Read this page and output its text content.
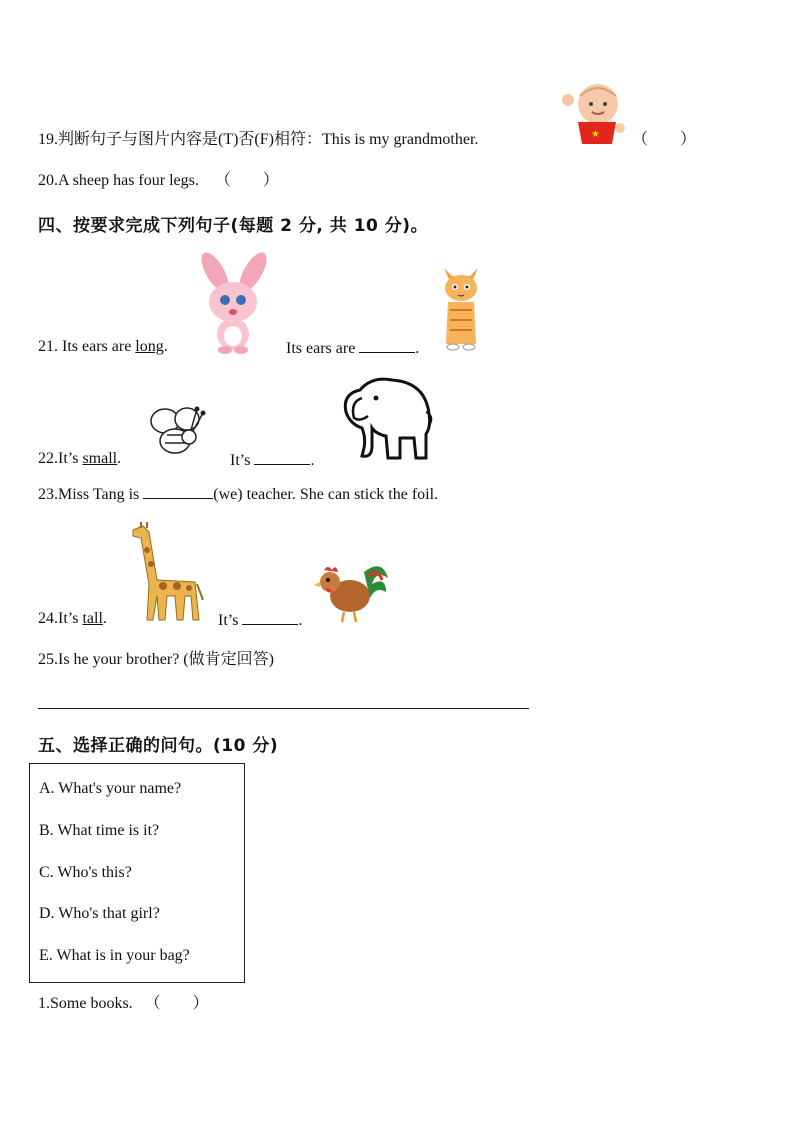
19.判断句子与图片内容是(T)否(F)相符：This is my grandmother.	★ （　　）
20.A sheep has four legs. （　　）
四、按要求完成下列句子(每题 2 分, 共 10 分)。
21. Its ears are long.	Its ears are	.
22.It’s small.	It’s	.
23.Miss Tang is	(we) teacher. She can stick the foil.
24.It’s tall.	It’s	.
25.Is he your brother? (做肯定回答)
五、选择正确的问句。(10 分)
A. What's your name?
B. What time is it?
C. Who's this?
D. Who's that girl?
E. What is in your bag?
1.Some books. （　　）
